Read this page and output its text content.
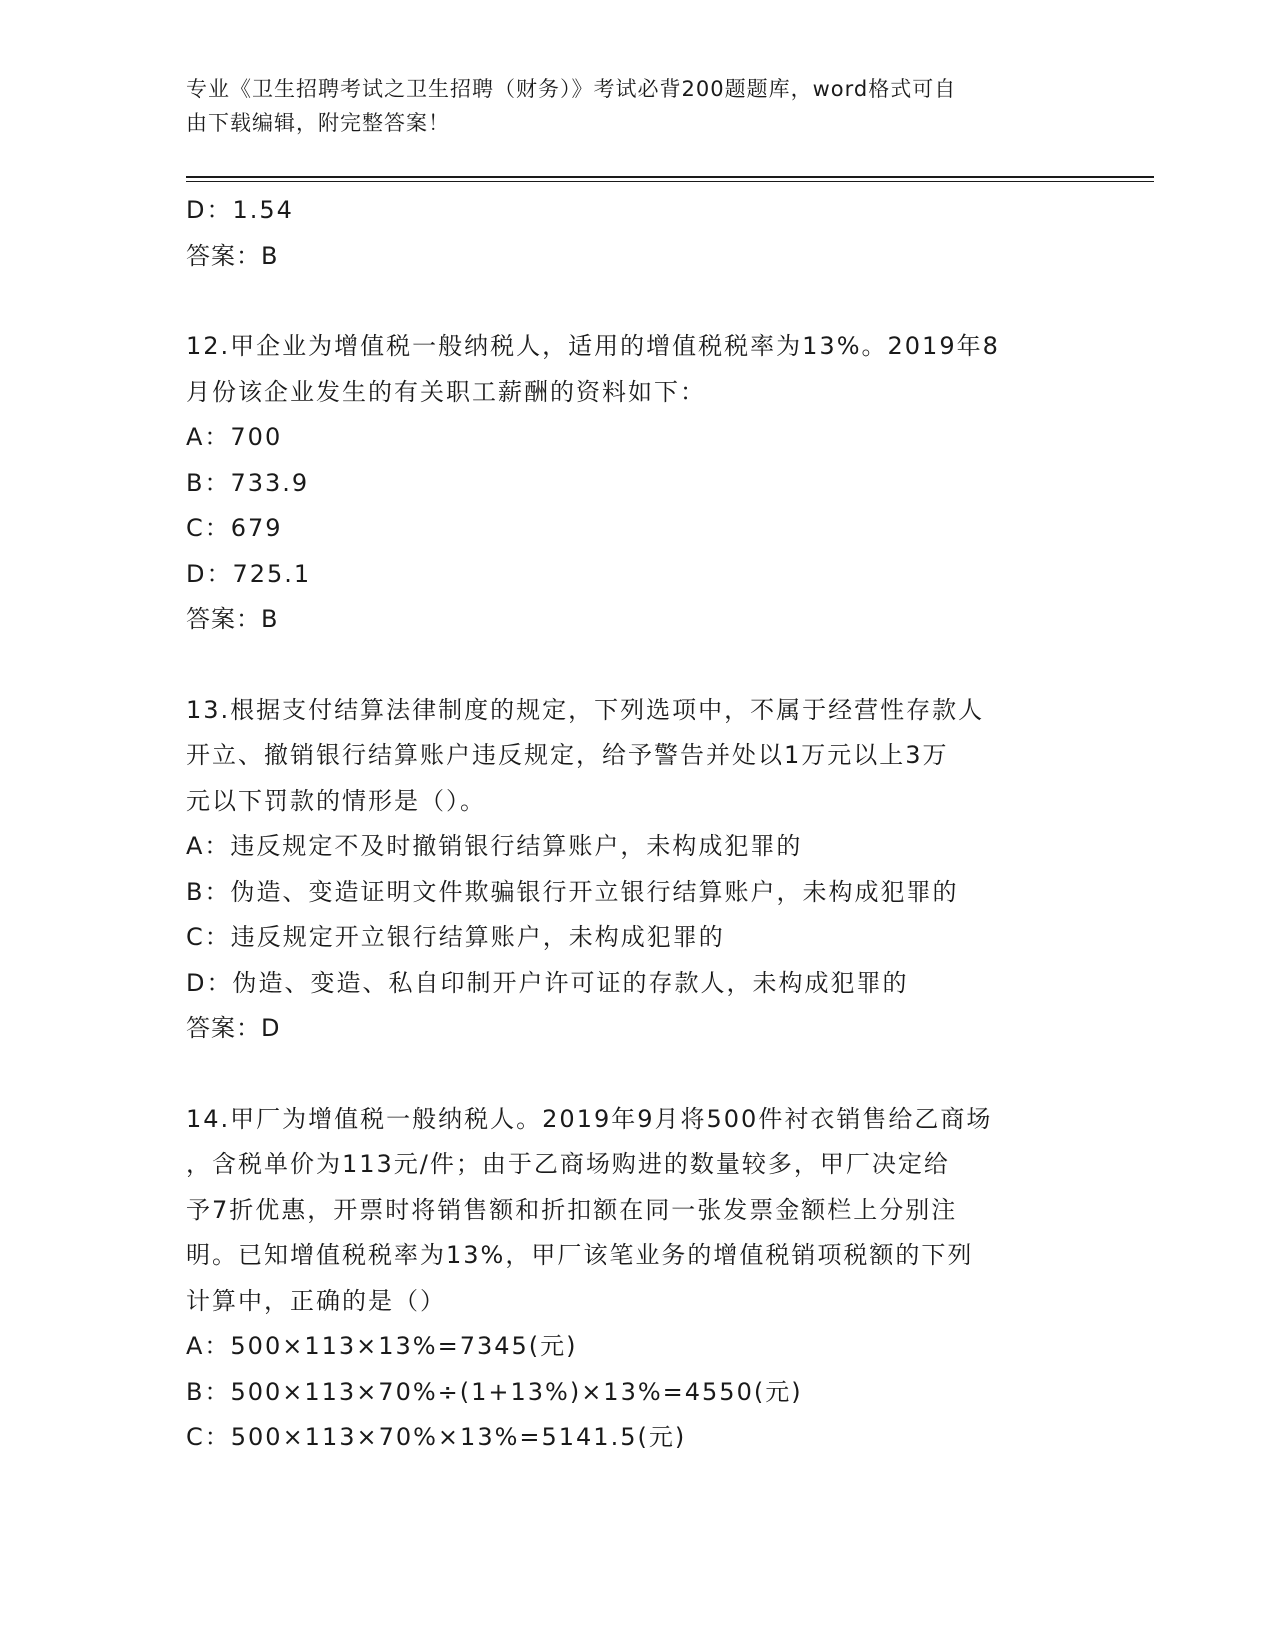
专业《卫生招聘考试之卫生招聘（财务）》考试必背200题题库，word格式可自
由下载编辑，附完整答案！
D：1.54
答案：B
12.甲企业为增值税一般纳税人，适用的增值税税率为13%。2019年8
月份该企业发生的有关职工薪酬的资料如下：
A：700
B：733.9
C：679
D：725.1
答案：B
13.根据支付结算法律制度的规定，下列选项中，不属于经营性存款人
开立、撤销银行结算账户违反规定，给予警告并处以1万元以上3万
元以下罚款的情形是（）。
A：违反规定不及时撤销银行结算账户，未构成犯罪的
B：伪造、变造证明文件欺骗银行开立银行结算账户，未构成犯罪的
C：违反规定开立银行结算账户，未构成犯罪的
D：伪造、变造、私自印制开户许可证的存款人，未构成犯罪的
答案：D
14.甲厂为增值税一般纳税人。2019年9月将500件衬衣销售给乙商场
，含税单价为113元/件；由于乙商场购进的数量较多，甲厂决定给
予7折优惠，开票时将销售额和折扣额在同一张发票金额栏上分别注
明。已知增值税税率为13%，甲厂该笔业务的增值税销项税额的下列
计算中，正确的是（）
A：500×113×13%=7345(元)
B：500×113×70%÷(1+13%)×13%=4550(元)
C：500×113×70%×13%=5141.5(元)
